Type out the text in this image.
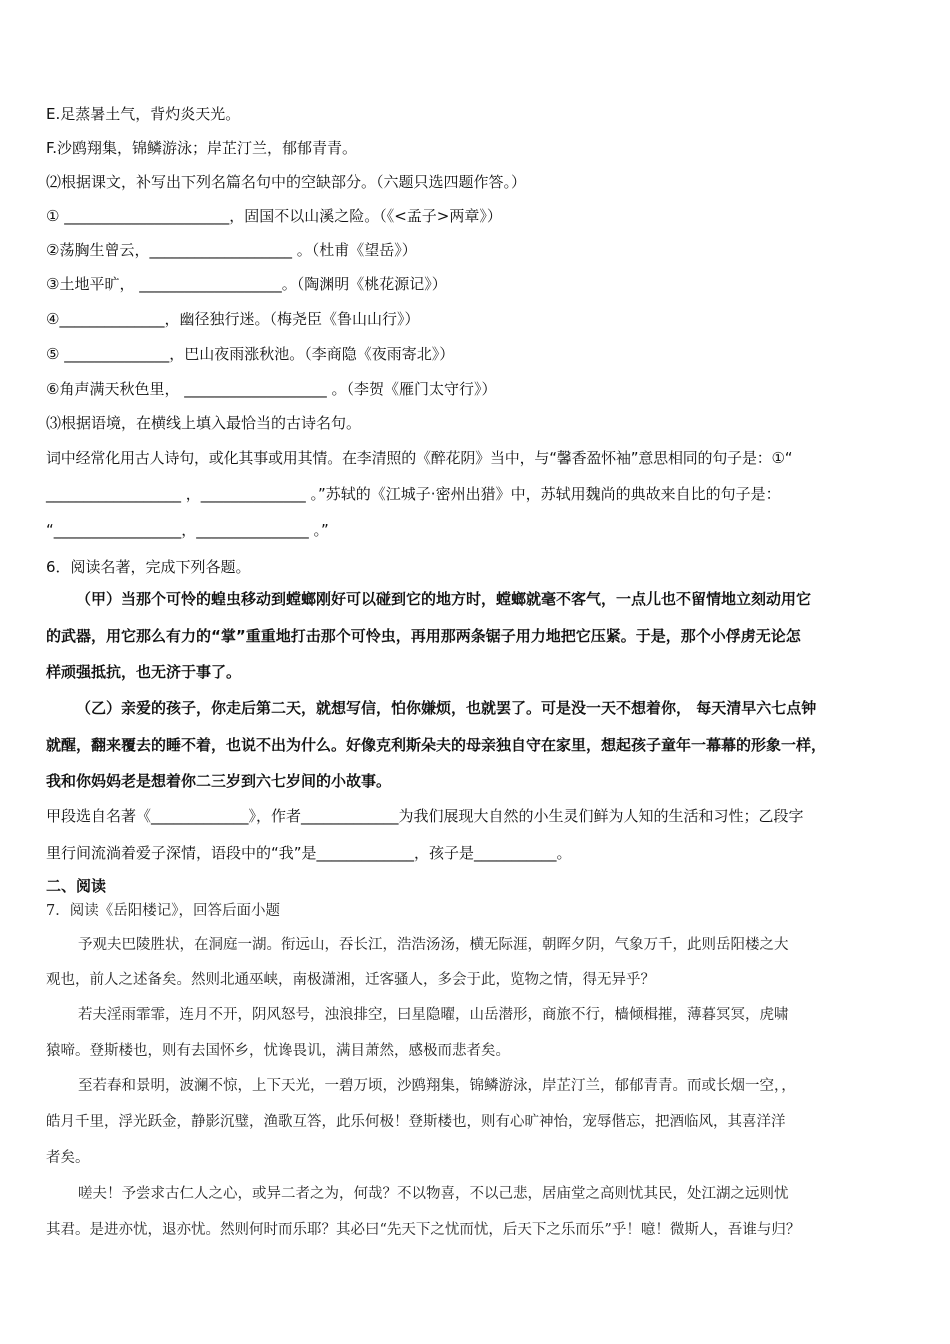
E.足蒸暑土气，背灼炎天光。
F.沙鸥翔集，锦鳞游泳；岸芷汀兰，郁郁青青。
⑵根据课文，补写出下列名篇名句中的空缺部分。（六题只选四题作答。）
① ______________________，固国不以山溪之险。（《<孟子>两章》）
②荡胸生曾云，___________________ 。（杜甫《望岳》）
③土地平旷， ___________________。（陶渊明《桃花源记》）
④______________，幽径独行迷。（梅尧臣《鲁山山行》）
⑤ ______________，巴山夜雨涨秋池。（李商隐《夜雨寄北》）
⑥角声满天秋色里， ___________________ 。（李贺《雁门太守行》）
⑶根据语境，在横线上填入最恰当的古诗名句。
词中经常化用古人诗句，或化其事或用其情。在李清照的《醉花阴》当中，与“馨香盈怀袖”意思相同的句子是：①“
__________________ ，______________ 。”苏轼的《江城子·密州出猎》中，苏轼用魏尚的典故来自比的句子是：
“_________________，_______________ 。”
6．阅读名著，完成下列各题。
（甲）当那个可怜的蝗虫移动到螳螂刚好可以碰到它的地方时，螳螂就毫不客气，一点儿也不留情地立刻动用它
的武器，用它那么有力的“掌”重重地打击那个可怜虫，再用那两条锯子用力地把它压紧。于是，那个小俘虏无论怎
样顽强抵抗，也无济于事了。
（乙）亲爱的孩子，你走后第二天，就想写信，怕你嫌烦，也就罢了。可是没一天不想着你， 每天清早六七点钟
就醒，翻来覆去的睡不着，也说不出为什么。好像克利斯朵夫的母亲独自守在家里，想起孩子童年一幕幕的形象一样，
我和你妈妈老是想着你二三岁到六七岁间的小故事。
甲段选自名著《_____________》，作者_____________为我们展现大自然的小生灵们鲜为人知的生活和习性；乙段字
里行间流淌着爱子深情，语段中的“我”是_____________，孩子是___________。
二、阅读
7．阅读《岳阳楼记》，回答后面小题
予观夫巴陵胜状，在洞庭一湖。衔远山，吞长江，浩浩汤汤，横无际涯，朝晖夕阴，气象万千，此则岳阳楼之大
观也，前人之述备矣。然则北通巫峡，南极潇湘，迁客骚人，多会于此，览物之情，得无异乎？
若夫淫雨霏霏，连月不开，阴风怒号，浊浪排空，曰星隐曜，山岳潜形，商旅不行，樯倾楫摧，薄暮冥冥，虎啸
猿啼。登斯楼也，则有去国怀乡，忧谗畏讥，满目萧然，感极而悲者矣。
至若春和景明，波澜不惊，上下天光，一碧万顷，沙鸥翔集，锦鳞游泳，岸芷汀兰，郁郁青青。而或长烟一空，，
皓月千里，浮光跃金，静影沉璧，渔歌互答，此乐何极！登斯楼也，则有心旷神怡，宠辱偕忘，把酒临风，其喜洋洋
者矣。
嗟夫！予尝求古仁人之心，或异二者之为，何哉？不以物喜，不以己悲，居庙堂之高则忧其民，处江湖之远则忧
其君。是进亦忧，退亦忧。然则何时而乐耶？其必曰“先天下之忧而忧，后天下之乐而乐”乎！噫！微斯人，吾谁与归？
